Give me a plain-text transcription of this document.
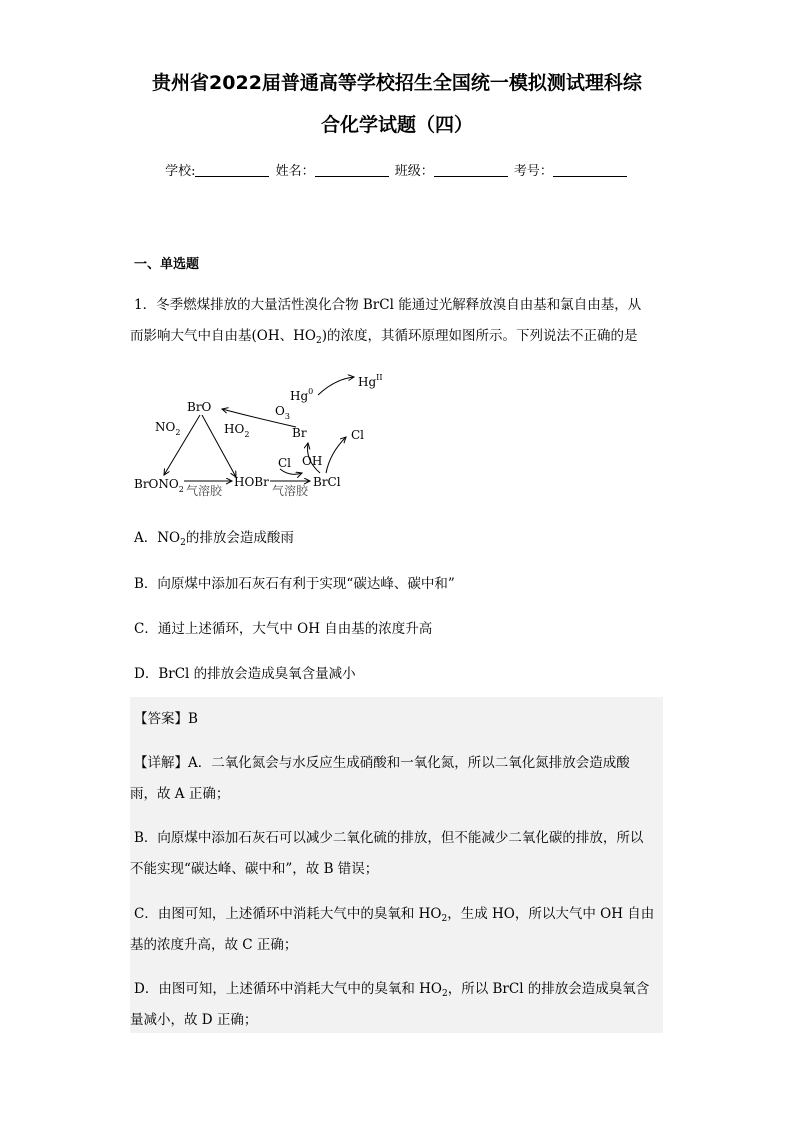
贵州省2022届普通高等学校招生全国统一模拟测试理科综
合化学试题（四）
学校:	姓名：	班级：	考号：
一、单选题
1．冬季燃煤排放的大量活性溴化合物 BrCl 能通过光解释放溴自由基和氯自由基，从
而影响大气中自由基(OH、$HO_2$)的浓度，其循环原理如图所示。下列说法不正确的是
Hg$^0$
$Hg^{II}$
BrO	$O_3$
Br	Cl
$NO_2$	$HO_2$
Cl OH
BrONO$_2$
HOBr	BrCl
气溶胶	气溶胶
A．$NO_2$的排放会造成酸雨
B．向原煤中添加石灰石有利于实现“碳达峰、碳中和”
C．通过上述循环，大气中 OH 自由基的浓度升高
D．BrCl 的排放会造成臭氧含量减小
【答案】B
【详解】A．二氧化氮会与水反应生成硝酸和一氧化氮，所以二氧化氮排放会造成酸
雨，故 A 正确；
B．向原煤中添加石灰石可以减少二氧化硫的排放，但不能减少二氧化碳的排放，所以
不能实现“碳达峰、碳中和”，故 B 错误；
C．由图可知，上述循环中消耗大气中的臭氧和 $HO_2$，生成 HO，所以大气中 OH 自由
基的浓度升高，故 C 正确；
D．由图可知，上述循环中消耗大气中的臭氧和 $HO_2$，所以 BrCl 的排放会造成臭氧含
量减小，故 D 正确；
